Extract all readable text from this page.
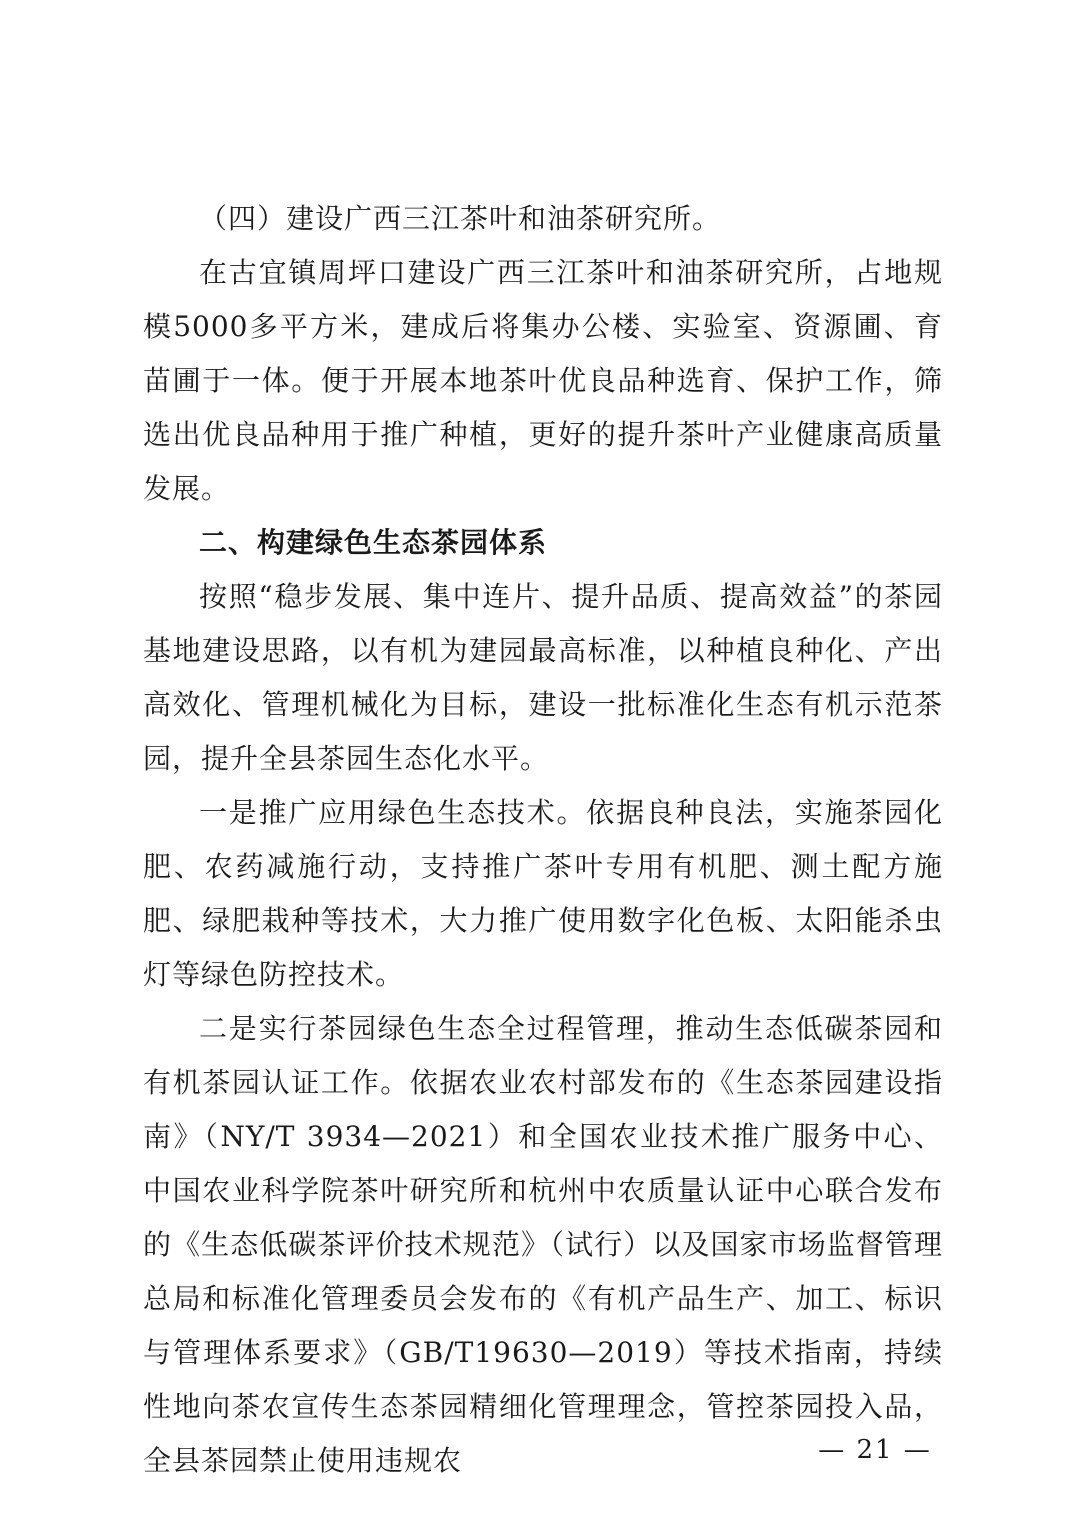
（四）建设广西三江茶叶和油茶研究所。

在古宜镇周坪口建设广西三江茶叶和油茶研究所，占地规模5000多平方米，建成后将集办公楼、实验室、资源圃、育苗圃于一体。便于开展本地茶叶优良品种选育、保护工作，筛选出优良品种用于推广种植，更好的提升茶叶产业健康高质量发展。

二、构建绿色生态茶园体系

按照“稳步发展、集中连片、提升品质、提高效益”的茶园基地建设思路，以有机为建园最高标准，以种植良种化、产出高效化、管理机械化为目标，建设一批标准化生态有机示范茶园，提升全县茶园生态化水平。

一是推广应用绿色生态技术。依据良种良法，实施茶园化肥、农药减施行动，支持推广茶叶专用有机肥、测土配方施肥、绿肥栽种等技术，大力推广使用数字化色板、太阳能杀虫灯等绿色防控技术。

二是实行茶园绿色生态全过程管理，推动生态低碳茶园和有机茶园认证工作。依据农业农村部发布的《生态茶园建设指南》（NY/T 3934—2021）和全国农业技术推广服务中心、中国农业科学院茶叶研究所和杭州中农质量认证中心联合发布的《生态低碳茶评价技术规范》（试行）以及国家市场监督管理总局和标准化管理委员会发布的《有机产品生产、加工、标识与管理体系要求》（GB/T19630—2019）等技术指南，持续性地向茶农宣传生态茶园精细化管理理念，管控茶园投入品，全县茶园禁止使用违规农	— 21 —
